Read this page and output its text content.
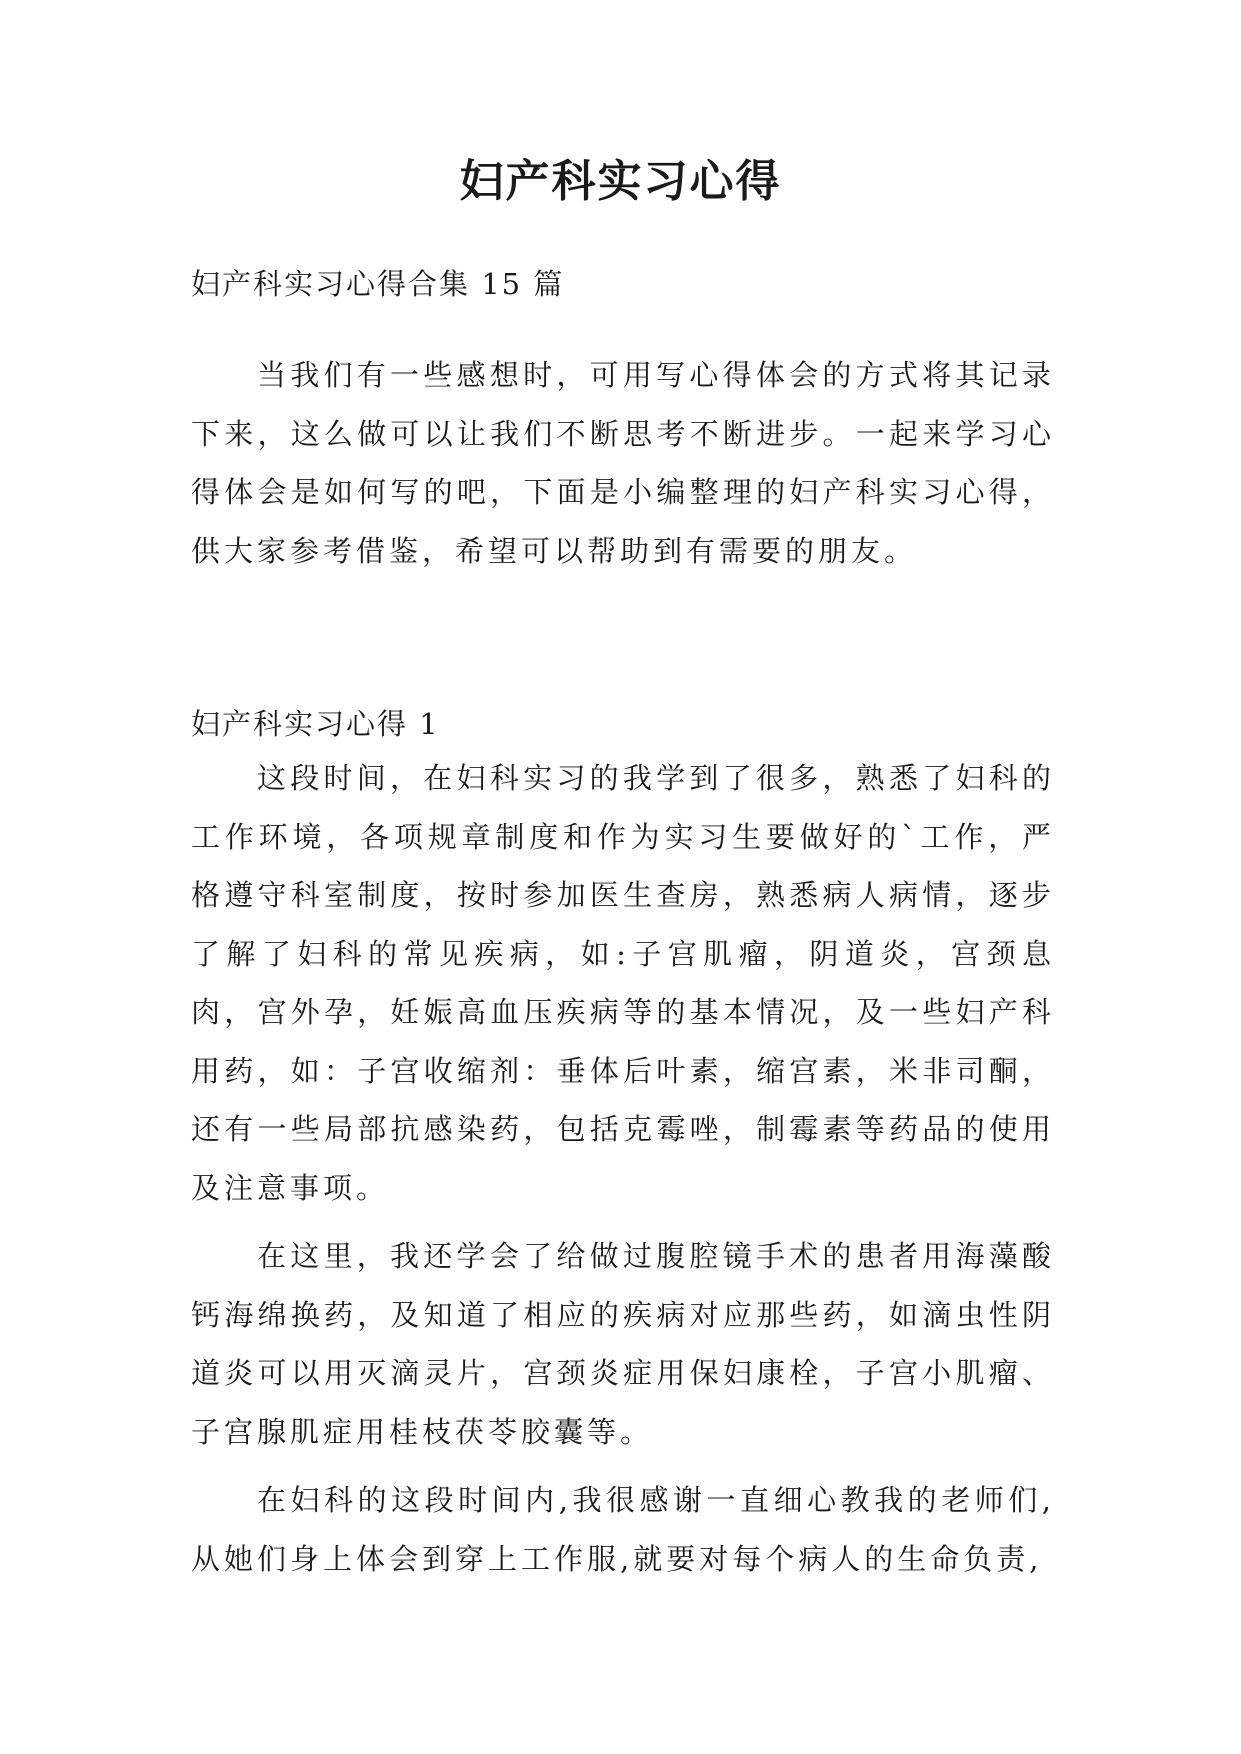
妇产科实习心得

妇产科实习心得合集 15 篇

当我们有一些感想时，可用写心得体会的方式将其记录下来，这么做可以让我们不断思考不断进步。一起来学习心得体会是如何写的吧，下面是小编整理的妇产科实习心得，供大家参考借鉴，希望可以帮助到有需要的朋友。

妇产科实习心得 1

这段时间，在妇科实习的我学到了很多，熟悉了妇科的工作环境，各项规章制度和作为实习生要做好的`工作，严格遵守科室制度，按时参加医生查房，熟悉病人病情，逐步了解了妇科的常见疾病，如:子宫肌瘤，阴道炎，宫颈息肉，宫外孕，妊娠高血压疾病等的基本情况，及一些妇产科用药，如：子宫收缩剂：垂体后叶素，缩宫素，米非司酮，还有一些局部抗感染药，包括克霉唑，制霉素等药品的使用及注意事项。

在这里，我还学会了给做过腹腔镜手术的患者用海藻酸钙海绵换药，及知道了相应的疾病对应那些药，如滴虫性阴道炎可以用灭滴灵片，宫颈炎症用保妇康栓，子宫小肌瘤、子宫腺肌症用桂枝茯苓胶囊等。

在妇科的这段时间内,我很感谢一直细心教我的老师们,从她们身上体会到穿上工作服,就要对每个病人的生命负责,
